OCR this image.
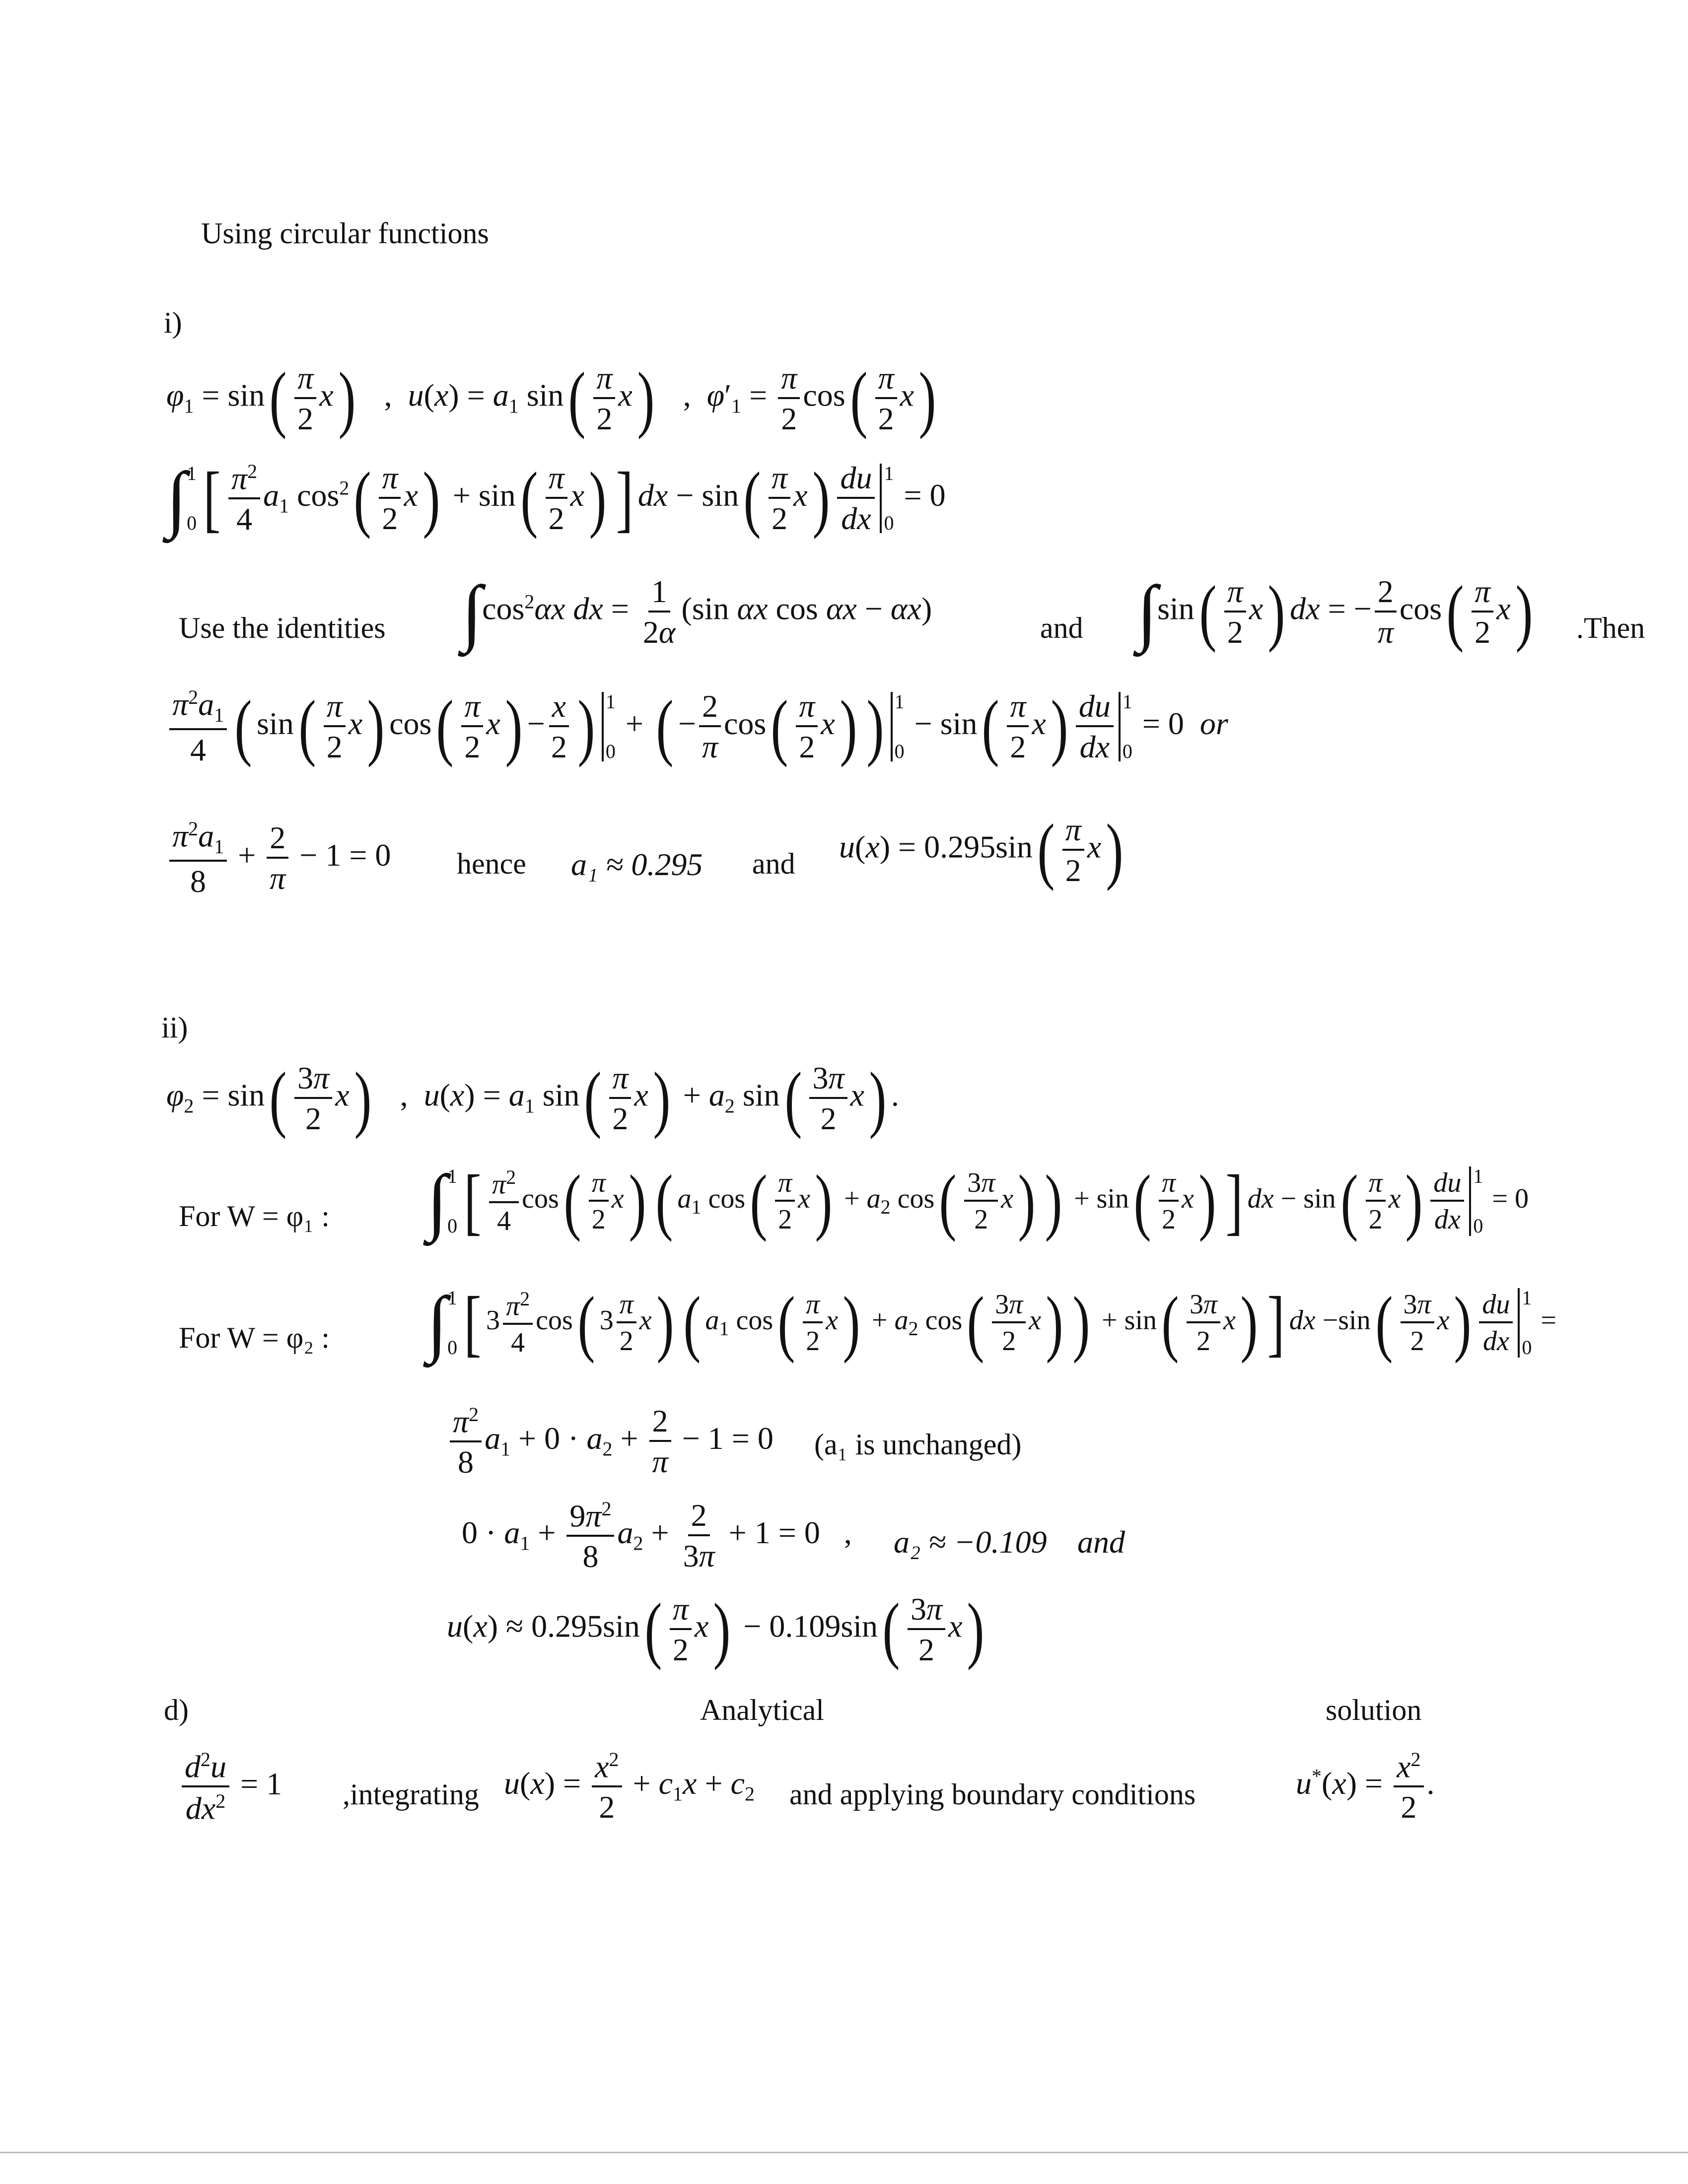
Using circular functions
i)
$\varphi_1 = \sin( \frac{\pi}{2} x)$   ,  $u(x) = a_1$ $\sin( \frac{\pi}{2} x)$   ,  $\varphi'_1 = \frac{\pi}{2} \cos( \frac{\pi}{2} x)$
∫ 1
0 [ $\frac{\pi^2}{4} a_1$ $\cos^2( \frac{\pi}{2} x) + \sin( \frac{\pi}{2} x)$ ] dx − $\sin( \frac{\pi}{2} x) \frac{du}{dx} 1$
0
= 0
Use the identities $\int\cos^2\alpha x$ dx = $\frac{1}{2\alpha} (\sin$ αx cos αx − αx)
and $\int\sin( \frac{\pi}{2} x)$ dx = − $\frac{2}{\pi} \cos( \frac{\pi}{2} x)$ .Then
$\frac{\pi^2a_1}{4}$ ( $\sin( \frac{\pi}{2} x)$ $\cos( \frac{\pi}{2} x) - \frac{x}{2}$ ) 1
0
+ ( − $\frac{2}{\pi} \cos( \frac{\pi}{2} x)$ ) 1
0
− $\sin( \frac{\pi}{2} x) \frac{du}{dx} 1$
0
= 0  or
$\frac{\pi^2a_1}{8} + \frac{2}{\pi} - 1 = 0$ hence a₁ ≈ 0.295 and $u(x) = 0.295\sin( \frac{\pi}{2} x)$
ii)
$\varphi_2 = \sin( \frac{3\pi}{2} x)$   ,  $u(x) = a_1$ $\sin( \frac{\pi}{2} x) + a_2$ $\sin( \frac{3\pi}{2} x)$ .
For W = φ₁ : ∫ 1
0 [ $\frac{\pi^2}{4} \cos( \frac{\pi}{2} x)$ ( $a_1$ $\cos( \frac{\pi}{2} x) + a_2$ $\cos( \frac{3\pi}{2} x)$ ) + $\sin( \frac{\pi}{2} x)$ ] dx − $\sin( \frac{\pi}{2} x) \frac{du}{dx} 1$
0
= 0
For W = φ₂ : ∫ 1
0 [ $3 \frac{\pi^2}{4} \cos$( $3 \frac{\pi}{2} x$) ( $a_1$ $\cos( \frac{\pi}{2} x) + a_2$ $\cos( \frac{3\pi}{2} x)$ ) + $\sin( \frac{3\pi}{2} x)$ ] dx $-\sin( \frac{3\pi}{2} x) \frac{du}{dx} 1$
0
=
$\frac{\pi^2}{8} a_1 + 0 \cdot a_2 + \frac{2}{\pi} - 1 = 0$ (a₁ is unchanged)
$0 \cdot a_1 + \frac{9\pi^2}{8} a_2 + \frac{2}{3\pi} + 1 = 0$   , a₂ ≈ −0.109 and
$u(x) \approx 0.295\sin( \frac{\pi}{2} x) - 0.109\sin( \frac{3\pi}{2} x)$
d)	Analytical	solution
$\frac{d^2u}{dx^2} = 1$ ,integrating $u(x) = \frac{x^2}{2} + c_1x + c_2$ and applying boundary conditions	$u^*(x) = \frac{x^2}{2}$ .
